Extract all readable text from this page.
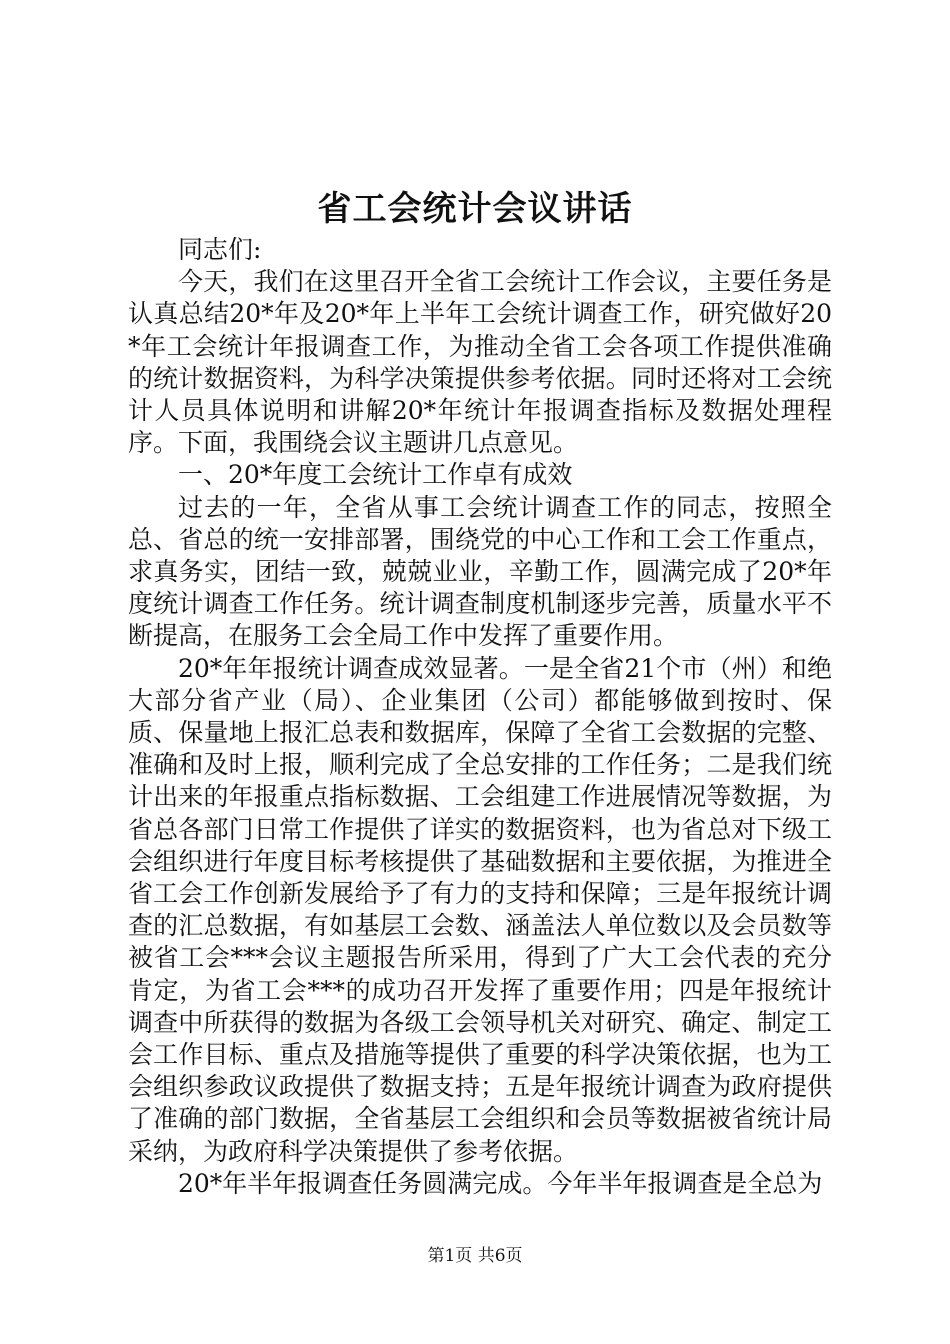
省工会统计会议讲话

同志们:

今天，我们在这里召开全省工会统计工作会议，主要任务是认真总结20*年及20*年上半年工会统计调查工作，研究做好20*年工会统计年报调查工作，为推动全省工会各项工作提供准确的统计数据资料，为科学决策提供参考依据。同时还将对工会统计人员具体说明和讲解20*年统计年报调查指标及数据处理程序。下面，我围绕会议主题讲几点意见。

一、20*年度工会统计工作卓有成效

过去的一年，全省从事工会统计调查工作的同志，按照全总、省总的统一安排部署，围绕党的中心工作和工会工作重点，求真务实，团结一致，兢兢业业，辛勤工作，圆满完成了20*年度统计调查工作任务。统计调查制度机制逐步完善，质量水平不断提高，在服务工会全局工作中发挥了重要作用。

20*年年报统计调查成效显著。一是全省21个市（州）和绝大部分省产业（局）、企业集团（公司）都能够做到按时、保质、保量地上报汇总表和数据库，保障了全省工会数据的完整、准确和及时上报，顺利完成了全总安排的工作任务；二是我们统计出来的年报重点指标数据、工会组建工作进展情况等数据，为省总各部门日常工作提供了详实的数据资料，也为省总对下级工会组织进行年度目标考核提供了基础数据和主要依据，为推进全省工会工作创新发展给予了有力的支持和保障；三是年报统计调查的汇总数据，有如基层工会数、涵盖法人单位数以及会员数等被省工会***会议主题报告所采用，得到了广大工会代表的充分肯定，为省工会***的成功召开发挥了重要作用；四是年报统计调查中所获得的数据为各级工会领导机关对研究、确定、制定工会工作目标、重点及措施等提供了重要的科学决策依据，也为工会组织参政议政提供了数据支持；五是年报统计调查为政府提供了准确的部门数据，全省基层工会组织和会员等数据被省统计局采纳，为政府科学决策提供了参考依据。

20*年半年报调查任务圆满完成。今年半年报调查是全总为

第1页 共6页
